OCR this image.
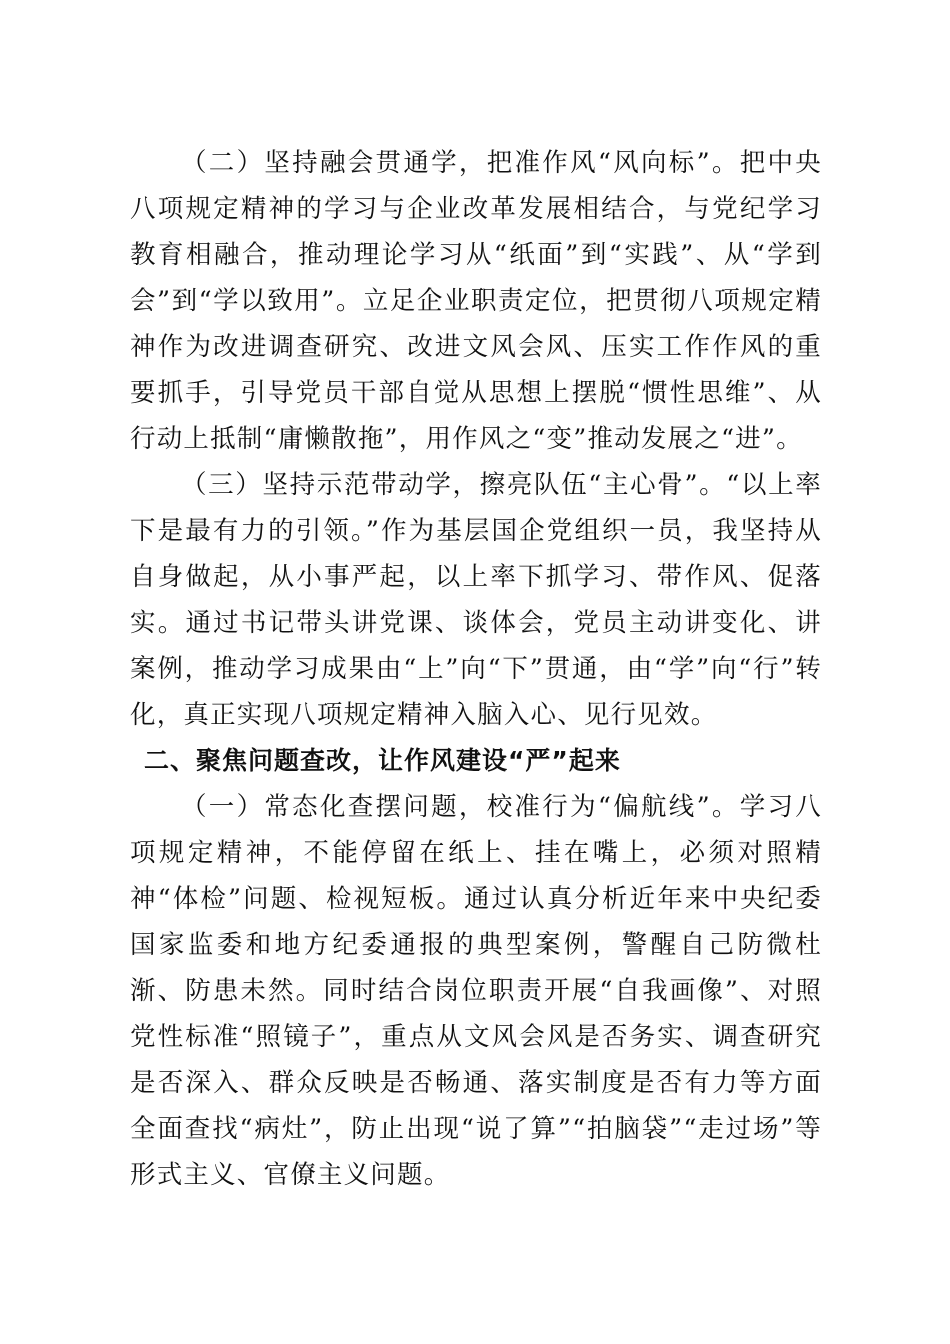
（二）坚持融会贯通学，把准作风“风向标”。把中央八项规定精神的学习与企业改革发展相结合，与党纪学习教育相融合，推动理论学习从“纸面”到“实践”、从“学到会”到“学以致用”。立足企业职责定位，把贯彻八项规定精神作为改进调查研究、改进文风会风、压实工作作风的重要抓手，引导党员干部自觉从思想上摆脱“惯性思维”、从行动上抵制“庸懒散拖”，用作风之“变”推动发展之“进”。

（三）坚持示范带动学，擦亮队伍“主心骨”。“以上率下是最有力的引领。”作为基层国企党组织一员，我坚持从自身做起，从小事严起，以上率下抓学习、带作风、促落实。通过书记带头讲党课、谈体会，党员主动讲变化、讲案例，推动学习成果由“上”向“下”贯通，由“学”向“行”转化，真正实现八项规定精神入脑入心、见行见效。

二、聚焦问题查改，让作风建设“严”起来

（一）常态化查摆问题，校准行为“偏航线”。学习八项规定精神，不能停留在纸上、挂在嘴上，必须对照精神“体检”问题、检视短板。通过认真分析近年来中央纪委国家监委和地方纪委通报的典型案例，警醒自己防微杜渐、防患未然。同时结合岗位职责开展“自我画像”、对照党性标准“照镜子”，重点从文风会风是否务实、调查研究是否深入、群众反映是否畅通、落实制度是否有力等方面全面查找“病灶”，防止出现“说了算”“拍脑袋”“走过场”等形式主义、官僚主义问题。
